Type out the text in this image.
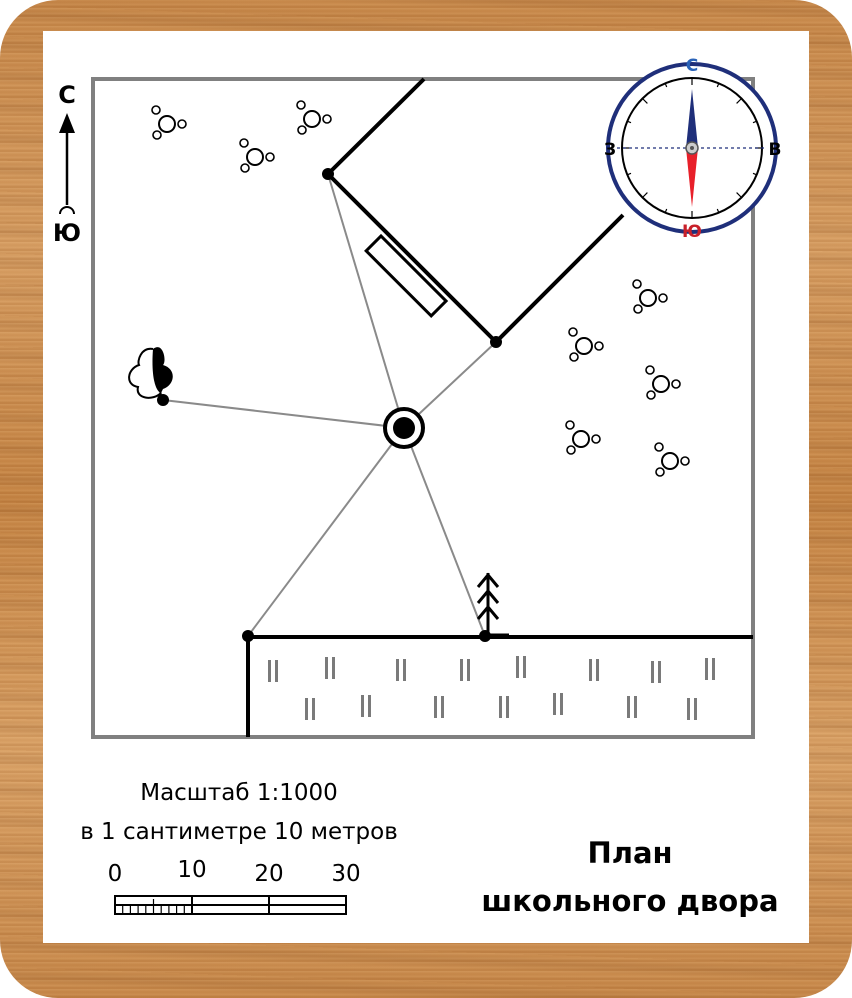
С
Ю
С
Ю
З	В
Масштаб 1:1000
в 1 сантиметре 10 метров
0 10 20 30
План
школьного двора
